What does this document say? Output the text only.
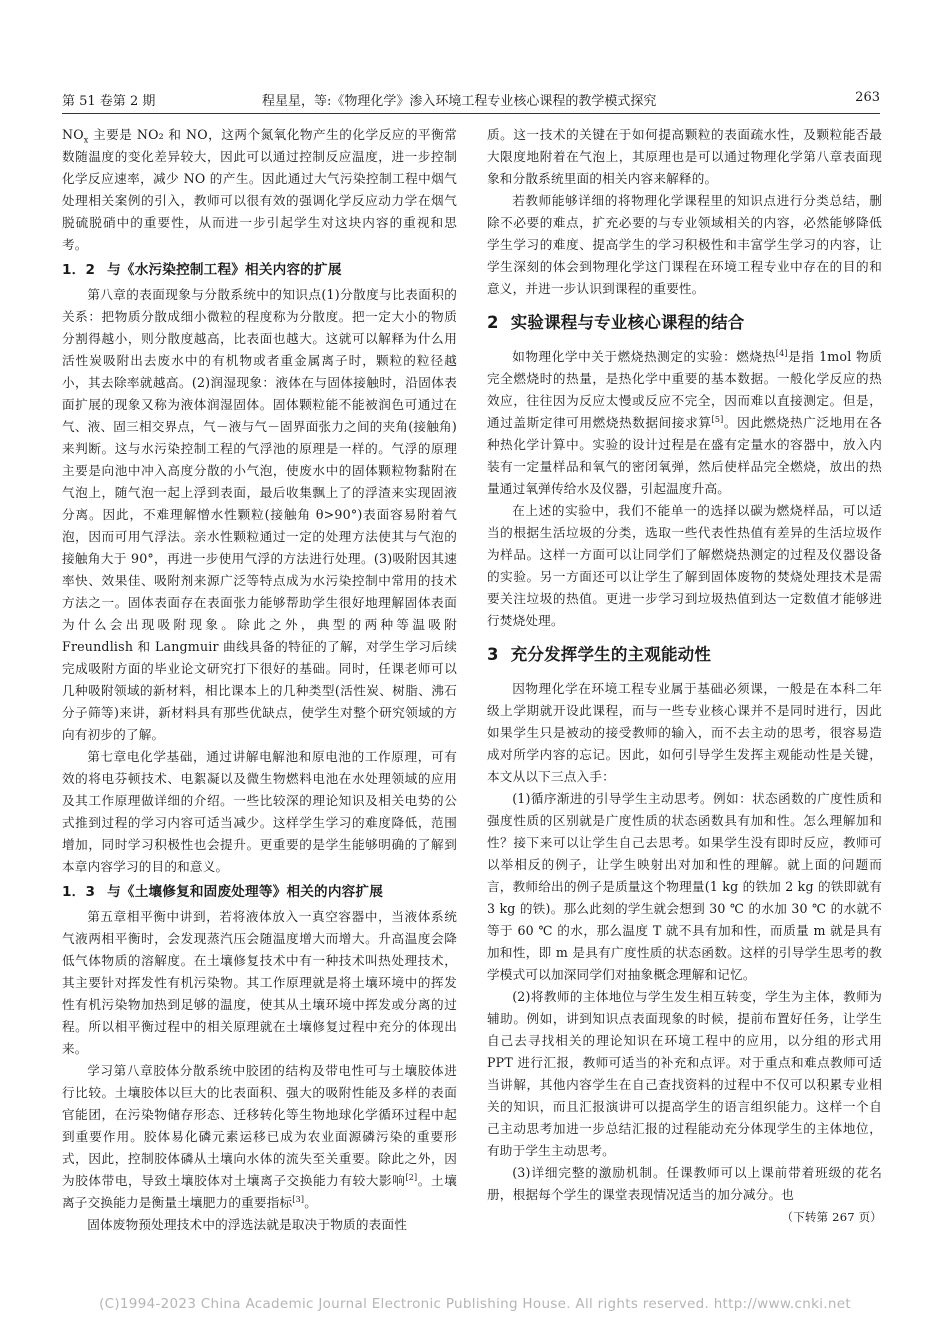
第 51 卷第 2 期	程星星，等:《物理化学》渗入环境工程专业核心课程的教学模式探究	263

$NO_x$ 主要是 NO₂ 和 NO，这两个氮氧化物产生的化学反应的平衡常数随温度的变化差异较大，因此可以通过控制反应温度，进一步控制化学反应速率，减少 NO 的产生。因此通过大气污染控制工程中烟气处理相关案例的引入，教师可以很有效的强调化学反应动力学在烟气脱硫脱硝中的重要性，从而进一步引起学生对这块内容的重视和思考。

1．2 与《水污染控制工程》相关内容的扩展

第八章的表面现象与分散系统中的知识点(1)分散度与比表面积的关系：把物质分散成细小微粒的程度称为分散度。把一定大小的物质分割得越小，则分散度越高，比表面也越大。这就可以解释为什么用活性炭吸附出去废水中的有机物或者重金属离子时，颗粒的粒径越小，其去除率就越高。(2)润湿现象：液体在与固体接触时，沿固体表面扩展的现象又称为液体润湿固体。固体颗粒能不能被润色可通过在气、液、固三相交界点，气－液与气－固界面张力之间的夹角(接触角)来判断。这与水污染控制工程的气浮池的原理是一样的。气浮的原理主要是向池中冲入高度分散的小气泡，使废水中的固体颗粒物黏附在气泡上，随气泡一起上浮到表面，最后收集飘上了的浮渣来实现固液分离。因此，不难理解憎水性颗粒(接触角 θ>90°)表面容易附着气泡，因而可用气浮法。亲水性颗粒通过一定的处理方法使其与气泡的接触角大于 90°，再进一步使用气浮的方法进行处理。(3)吸附因其速率快、效果佳、吸附剂来源广泛等特点成为水污染控制中常用的技术方法之一。固体表面存在表面张力能够帮助学生很好地理解固体表面为什么会出现吸附现象。除此之外，典型的两种等温吸附 Freundlish 和 Langmuir 曲线具备的特征的了解，对学生学习后续完成吸附方面的毕业论文研究打下很好的基础。同时，任课老师可以几种吸附领域的新材料，相比课本上的几种类型(活性炭、树脂、沸石分子筛等)来讲，新材料具有那些优缺点，使学生对整个研究领域的方向有初步的了解。

第七章电化学基础，通过讲解电解池和原电池的工作原理，可有效的将电芬顿技术、电絮凝以及微生物燃料电池在水处理领域的应用及其工作原理做详细的介绍。一些比较深的理论知识及相关电势的公式推到过程的学习内容可适当减少。这样学生学习的难度降低，范围增加，同时学习积极性也会提升。更重要的是学生能够明确的了解到本章内容学习的目的和意义。

1．3 与《土壤修复和固废处理等》相关的内容扩展

第五章相平衡中讲到，若将液体放入一真空容器中，当液体系统气液两相平衡时，会发现蒸汽压会随温度增大而增大。升高温度会降低气体物质的溶解度。在土壤修复技术中有一种技术叫热处理技术，其主要针对挥发性有机污染物。其工作原理就是将土壤环境中的挥发性有机污染物加热到足够的温度，使其从土壤环境中挥发或分离的过程。所以相平衡过程中的相关原理就在土壤修复过程中充分的体现出来。

学习第八章胶体分散系统中胶团的结构及带电性可与土壤胶体进行比较。土壤胶体以巨大的比表面积、强大的吸附性能及多样的表面官能团，在污染物储存形态、迁移转化等生物地球化学循环过程中起到重要作用。胶体易化磷元素运移已成为农业面源磷污染的重要形式，因此，控制胶体磷从土壤向水体的流失至关重要。除此之外，因为胶体带电，导致土壤胶体对土壤离子交换能力有较大影响[2]。土壤离子交换能力是衡量土壤肥力的重要指标[3]。

固体废物预处理技术中的浮选法就是取决于物质的表面性

质。这一技术的关键在于如何提高颗粒的表面疏水性，及颗粒能否最大限度地附着在气泡上，其原理也是可以通过物理化学第八章表面现象和分散系统里面的相关内容来解释的。

若教师能够详细的将物理化学课程里的知识点进行分类总结，删除不必要的难点，扩充必要的与专业领域相关的内容，必然能够降低学生学习的难度、提高学生的学习积极性和丰富学生学习的内容，让学生深刻的体会到物理化学这门课程在环境工程专业中存在的目的和意义，并进一步认识到课程的重要性。

2 实验课程与专业核心课程的结合

如物理化学中关于燃烧热测定的实验：燃烧热[4]是指 1mol 物质完全燃烧时的热量，是热化学中重要的基本数据。一般化学反应的热效应，往往因为反应太慢或反应不完全，因而难以直接测定。但是，通过盖斯定律可用燃烧热数据间接求算[5]。因此燃烧热广泛地用在各种热化学计算中。实验的设计过程是在盛有定量水的容器中，放入内装有一定量样品和氧气的密闭氧弹，然后使样品完全燃烧，放出的热量通过氧弹传给水及仪器，引起温度升高。

在上述的实验中，我们不能单一的选择以碳为燃烧样品，可以适当的根据生活垃圾的分类，选取一些代表性热值有差异的生活垃圾作为样品。这样一方面可以让同学们了解燃烧热测定的过程及仪器设备的实验。另一方面还可以让学生了解到固体废物的焚烧处理技术是需要关注垃圾的热值。更进一步学习到垃圾热值到达一定数值才能够进行焚烧处理。

3 充分发挥学生的主观能动性

因物理化学在环境工程专业属于基础必须课，一般是在本科二年级上学期就开设此课程，而与一些专业核心课并不是同时进行，因此如果学生只是被动的接受教师的输入，而不去主动的思考，很容易造成对所学内容的忘记。因此，如何引导学生发挥主观能动性是关键，本文从以下三点入手：

(1)循序渐进的引导学生主动思考。例如：状态函数的广度性质和强度性质的区别就是广度性质的状态函数具有加和性。怎么理解加和性？接下来可以让学生自己去思考。如果学生没有即时反应，教师可以举相反的例子，让学生映射出对加和性的理解。就上面的问题而言，教师给出的例子是质量这个物理量(1 kg 的铁加 2 kg 的铁即就有 3 kg 的铁)。那么此刻的学生就会想到 30 ℃ 的水加 30 ℃ 的水就不等于 60 ℃ 的水，那么温度 T 就不具有加和性，而质量 m 就是具有加和性，即 m 是具有广度性质的状态函数。这样的引导学生思考的教学模式可以加深同学们对抽象概念理解和记忆。

(2)将教师的主体地位与学生发生相互转变，学生为主体，教师为辅助。例如，讲到知识点表面现象的时候，提前布置好任务，让学生自己去寻找相关的理论知识在环境工程中的应用，以分组的形式用 PPT 进行汇报，教师可适当的补充和点评。对于重点和难点教师可适当讲解，其他内容学生在自己查找资料的过程中不仅可以积累专业相关的知识，而且汇报演讲可以提高学生的语言组织能力。这样一个自己主动思考加进一步总结汇报的过程能动充分体现学生的主体地位，有助于学生主动思考。

(3)详细完整的激励机制。任课教师可以上课前带着班级的花名册，根据每个学生的课堂表现情况适当的加分减分。也

（下转第 267 页）

(C)1994-2023 China Academic Journal Electronic Publishing House. All rights reserved. http://www.cnki.net
